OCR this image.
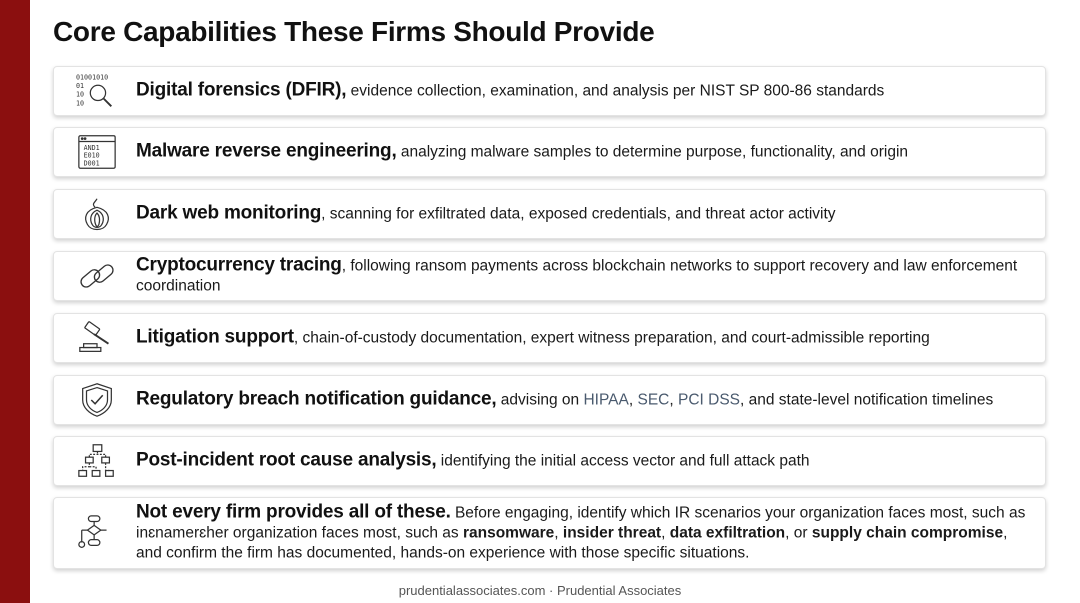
Core Capabilities These Firms Should Provide
01001010
01
10
10
Digital forensics (DFIR), evidence collection, examination, and analysis per NIST SP 800-86 standards
AND1
E010
D001
Malware reverse engineering, analyzing malware samples to determine purpose, functionality, and origin
Dark web monitoring, scanning for exfiltrated data, exposed credentials, and threat actor activity
Cryptocurrency tracing, following ransom payments across blockchain networks to support recovery and law enforcement coordination
Litigation support, chain-of-custody documentation, expert witness preparation, and court-admissible reporting
Regulatory breach notification guidance, advising on HIPAA, SEC, PCI DSS, and state-level notification timelines
Post-incident root cause analysis, identifying the initial access vector and full attack path
Not every firm provides all of these. Before engaging, identify which IR scenarios your organization faces most, such as inɛnamerɛher organization faces most, such as ransomware, insider threat, data exfiltration, or supply chain compromise, and confirm the firm has documented, hands-on experience with those specific situations.
prudentialassociates.com · Prudential Associates
